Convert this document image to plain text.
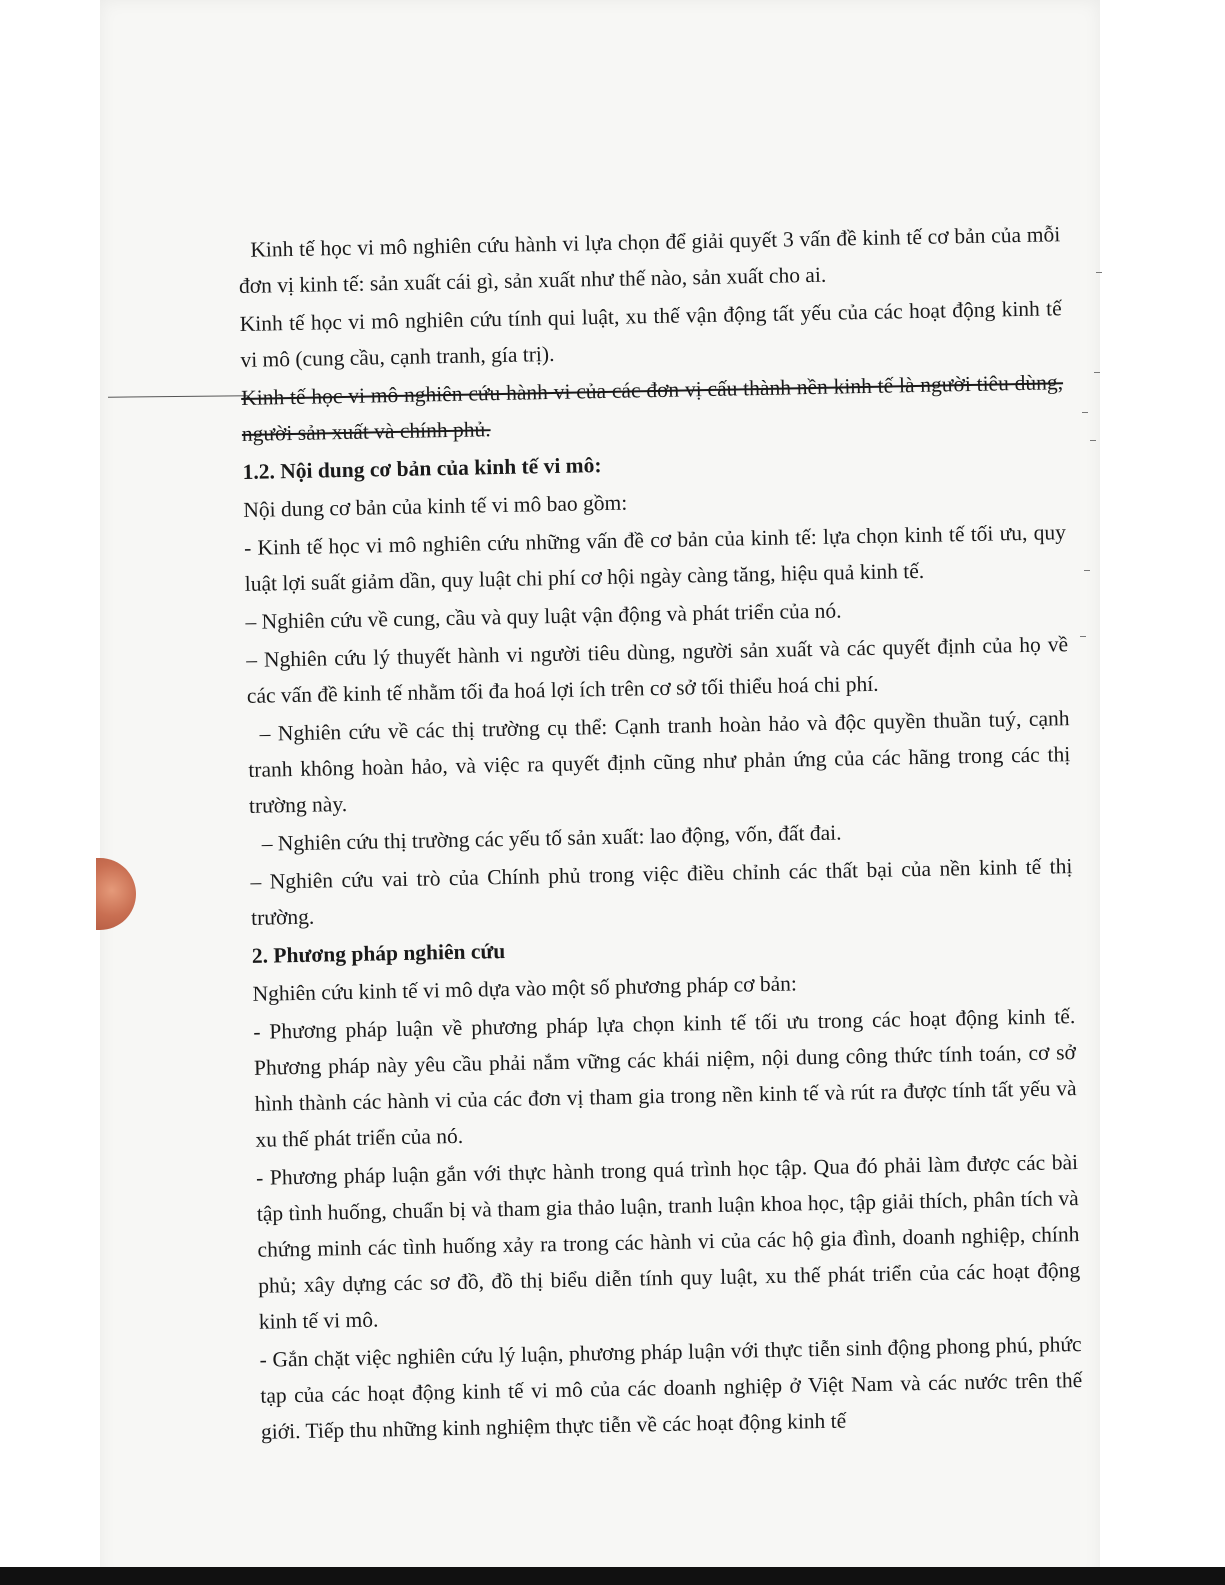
Kinh tế học vi mô nghiên cứu hành vi lựa chọn để giải quyết 3 vấn đề kinh tế cơ bản của mỗi đơn vị kinh tế: sản xuất cái gì, sản xuất như thế nào, sản xuất cho ai.

Kinh tế học vi mô nghiên cứu tính qui luật, xu thế vận động tất yếu của các hoạt động kinh tế vi mô (cung cầu, cạnh tranh, gía trị).

Kinh tế học vi mô nghiên cứu hành vi của các đơn vị cấu thành nền kinh tế là người tiêu dùng, người sản xuất và chính phủ.

1.2. Nội dung cơ bản của kinh tế vi mô:

Nội dung cơ bản của kinh tế vi mô bao gồm:

- Kinh tế học vi mô nghiên cứu những vấn đề cơ bản của kinh tế: lựa chọn kinh tế tối ưu, quy luật lợi suất giảm dần, quy luật chi phí cơ hội ngày càng tăng, hiệu quả kinh tế.

– Nghiên cứu về cung, cầu và quy luật vận động và phát triển của nó.

– Nghiên cứu lý thuyết hành vi người tiêu dùng, người sản xuất và các quyết định của họ về các vấn đề kinh tế nhằm tối đa hoá lợi ích trên cơ sở tối thiểu hoá chi phí.

– Nghiên cứu về các thị trường cụ thể: Cạnh tranh hoàn hảo và độc quyền thuần tuý, cạnh tranh không hoàn hảo, và việc ra quyết định cũng như phản ứng của các hãng trong các thị trường này.

– Nghiên cứu thị trường các yếu tố sản xuất: lao động, vốn, đất đai.

– Nghiên cứu vai trò của Chính phủ trong việc điều chỉnh các thất bại của nền kinh tế thị trường.

2. Phương pháp nghiên cứu

Nghiên cứu kinh tế vi mô dựa vào một số phương pháp cơ bản:

- Phương pháp luận về phương pháp lựa chọn kinh tế tối ưu trong các hoạt động kinh tế. Phương pháp này yêu cầu phải nắm vững các khái niệm, nội dung công thức tính toán, cơ sở hình thành các hành vi của các đơn vị tham gia trong nền kinh tế và rút ra được tính tất yếu và xu thế phát triển của nó.

- Phương pháp luận gắn với thực hành trong quá trình học tập. Qua đó phải làm được các bài tập tình huống, chuẩn bị và tham gia thảo luận, tranh luận khoa học, tập giải thích, phân tích và chứng minh các tình huống xảy ra trong các hành vi của các hộ gia đình, doanh nghiệp, chính phủ; xây dựng các sơ đồ, đồ thị biểu diễn tính quy luật, xu thế phát triển của các hoạt động kinh tế vi mô.

- Gắn chặt việc nghiên cứu lý luận, phương pháp luận với thực tiễn sinh động phong phú, phức tạp của các hoạt động kinh tế vi mô của các doanh nghiệp ở Việt Nam và các nước trên thế giới. Tiếp thu những kinh nghiệm thực tiễn về các hoạt động kinh tế
